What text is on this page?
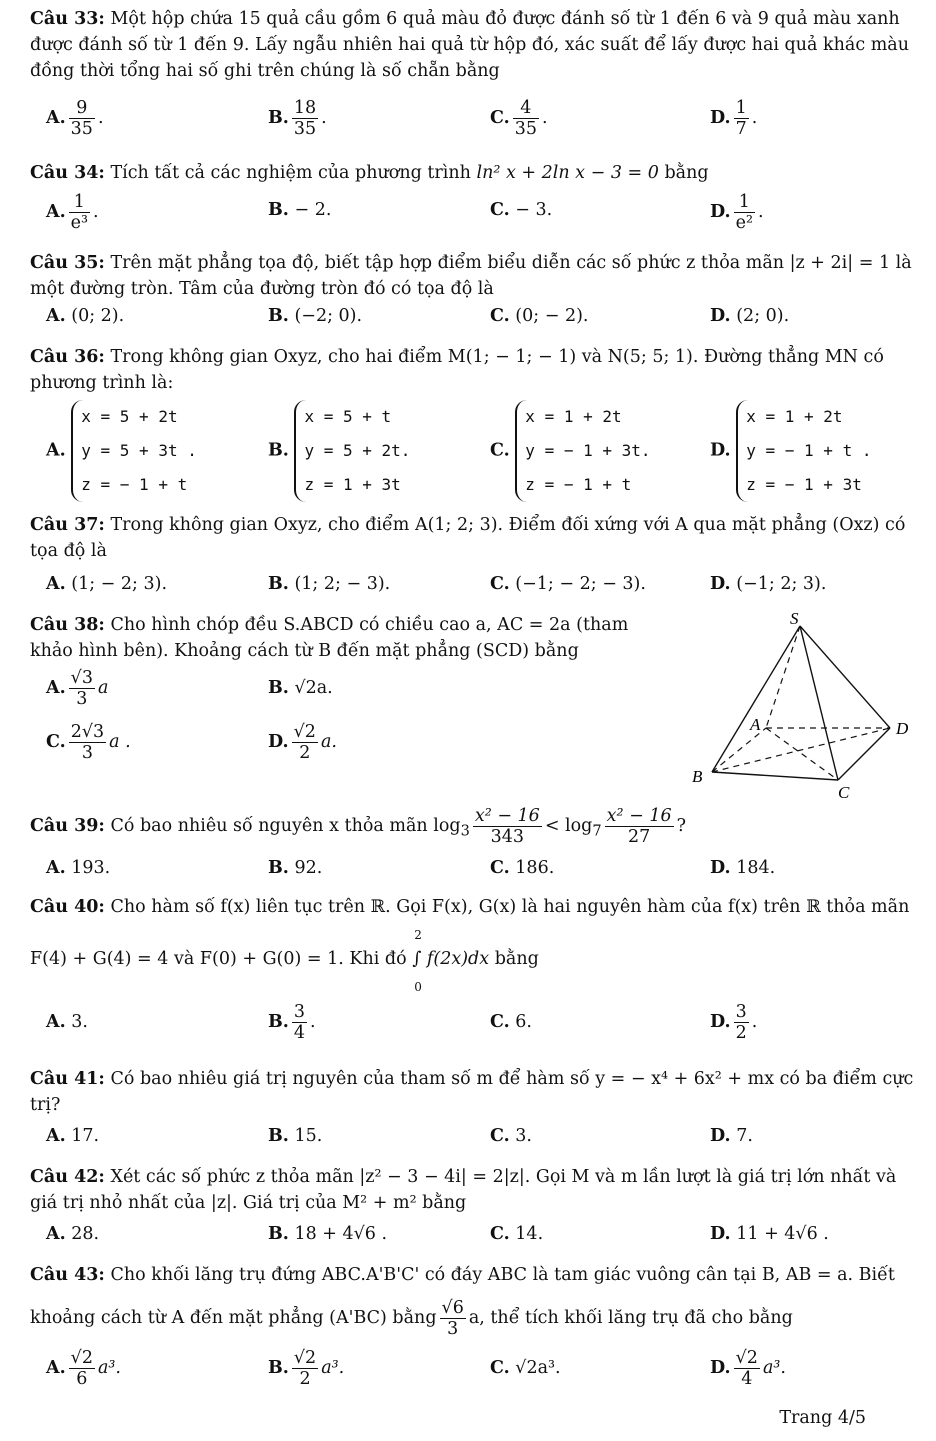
Câu 33: Một hộp chứa 15 quả cầu gồm 6 quả màu đỏ được đánh số từ 1 đến 6 và 9 quả màu xanh được đánh số từ 1 đến 9. Lấy ngẫu nhiên hai quả từ hộp đó, xác suất để lấy được hai quả khác màu đồng thời tổng hai số ghi trên chúng là số chẵn bằng
A. $\frac{9}{35}$ .	B. $\frac{18}{35}$ .	C. $\frac{4}{35}$ .	D. $\frac{1}{7}$ .
Câu 34: Tích tất cả các nghiệm của phương trình ln² x + 2ln x − 3 = 0 bằng
A. $\frac{1}{\text{e³}}$ .	B. − 2.	C. − 3.	D. $\frac{1}{\text{e²}}$ .
Câu 35: Trên mặt phẳng tọa độ, biết tập hợp điểm biểu diễn các số phức z thỏa mãn |z + 2i| = 1 là một đường tròn. Tâm của đường tròn đó có tọa độ là
A. (0; 2).	B. (−2; 0).	C. (0; − 2).	D. (2; 0).
Câu 36: Trong không gian Oxyz, cho hai điểm M(1; − 1; − 1) và N(5; 5; 1). Đường thẳng MN có phương trình là:
A.
x = 5 + 2t
y = 5 + 3t .
z = − 1 + t
B.
x = 5 + t
y = 5 + 2t.
z = 1 + 3t
C.
x = 1 + 2t
y = − 1 + 3t.
z = − 1 + t
D.
x = 1 + 2t
y = − 1 + t .
z = − 1 + 3t
Câu 37: Trong không gian Oxyz, cho điểm A(1; 2; 3). Điểm đối xứng với A qua mặt phẳng (Oxz) có tọa độ là
A. (1; − 2; 3).	B. (1; 2; − 3).	C. (−1; − 2; − 3).	D. (−1; 2; 3).
Câu 38: Cho hình chóp đều S.ABCD có chiều cao a, AC = 2a (tham khảo hình bên). Khoảng cách từ B đến mặt phẳng (SCD) bằng
A. $\frac{√3}{3}$ a	B. √2a.
C. $\frac{2√3}{3}$ a .	D. $\frac{√2}{2} a$.
S
A
B
C
D
Câu 39: Có bao nhiêu số nguyên x thỏa mãn $\log_3 \frac{\text{x² − 16}}{343} < \log_7 \frac{\text{x² − 16}}{27}$ ?
A. 193.	B. 92.	C. 186.	D. 184.
Câu 40: Cho hàm số f(x) liên tục trên ℝ. Gọi F(x), G(x) là hai nguyên hàm của f(x) trên ℝ thỏa mãn
F(4) + G(4) = 4 và F(0) + G(0) = 1. Khi đó
2
∫ f(2x)dx
0
bằng
A. 3.	B. $\frac{3}{4}$ .	C. 6.	D. $\frac{3}{2}$ .
Câu 41: Có bao nhiêu giá trị nguyên của tham số m để hàm số y = − x⁴ + 6x² + mx có ba điểm cực trị?
A. 17.	B. 15.	C. 3.	D. 7.
Câu 42: Xét các số phức z thỏa mãn |z² − 3 − 4i| = 2|z|. Gọi M và m lần lượt là giá trị lớn nhất và giá trị nhỏ nhất của |z|. Giá trị của M² + m² bằng
A. 28.	B. 18 + 4√6 .	C. 14.	D. 11 + 4√6 .
Câu 43: Cho khối lăng trụ đứng ABC.A'B'C' có đáy ABC là tam giác vuông cân tại B, AB = a. Biết
khoảng cách từ A đến mặt phẳng (A'BC) bằng $\frac{√6}{3} a$, thể tích khối lăng trụ đã cho bằng
A. $\frac{√2}{6} a^3$.	B. $\frac{√2}{2} a^3$.	C. √2a³.	D. $\frac{√2}{4} a^3$.
Trang 4/5
